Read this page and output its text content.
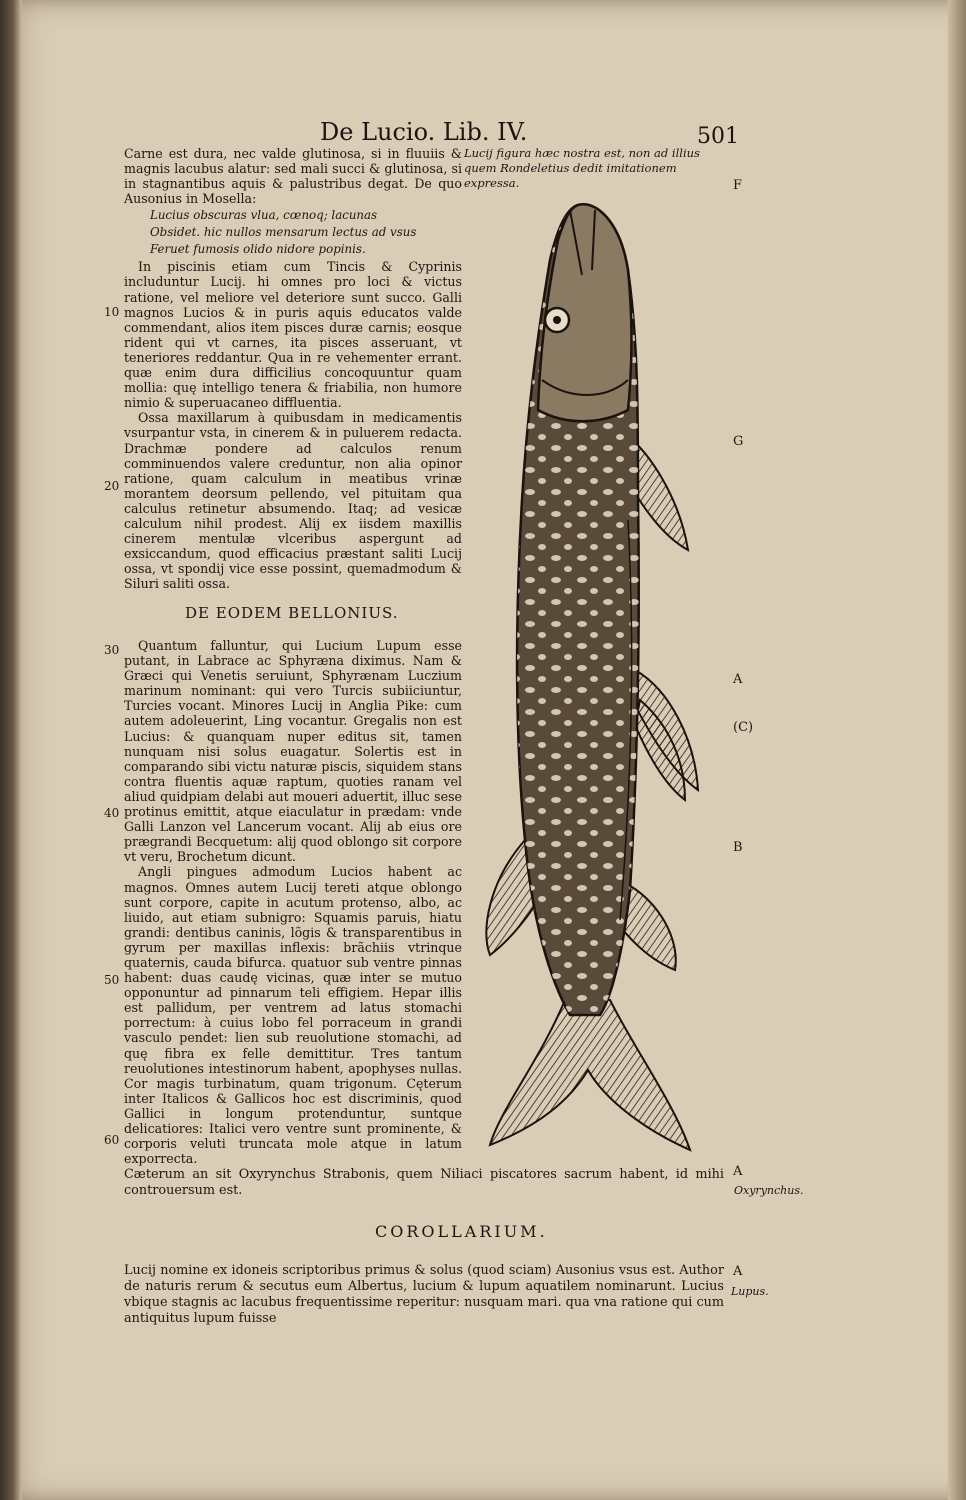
De Lucio. Lib. IV.	501
Lucij figura hæc nostra est, non ad illius quem Rondeletius dedit imitationem expressa.

Carne est dura, nec valde glutinosa, si in fluuiis & magnis lacubus alatur: sed mali succi & glutinosa, si in stagnantibus aquis & palustribus degat. De quo Ausonius in Mosella:

Lucius obscuras vlua, cœnoq; lacunas
Obsidet. hic nullos mensarum lectus ad vsus
Feruet fumosis olido nidore popinis.

In piscinis etiam cum Tincis & Cyprinis includuntur Lucij. hi omnes pro loci & victus ratione, vel meliore vel deteriore sunt succo. Galli magnos Lucios & in puris aquis educatos valde commendant, alios item pisces duræ carnis; eosque rident qui vt carnes, ita pisces asseruant, vt teneriores reddantur. Qua in re vehementer errant. quæ enim dura difficilius concoquuntur quam mollia: quę intelligo tenera & friabilia, non humore nimio & superuacaneo diffluentia.

Ossa maxillarum à quibusdam in medicamentis vsurpantur vsta, in cinerem & in puluerem redacta. Drachmæ pondere ad calculos renum comminuendos valere creduntur, non alia opinor ratione, quam calculum in meatibus vrinæ morantem deorsum pellendo, vel pituitam qua calculus retinetur absumendo. Itaq; ad vesicæ calculum nihil prodest. Alij ex iisdem maxillis cinerem mentulæ vlceribus aspergunt ad exsiccandum, quod efficacius præstant saliti Lucij ossa, vt spondij vice esse possint, quemadmodum & Siluri saliti ossa.

DE EODEM BELLONIUS.

Quantum falluntur, qui Lucium Lupum esse putant, in Labrace ac Sphyræna diximus. Nam & Græci qui Venetis seruiunt, Sphyrænam Luczium marinum nominant: qui vero Turcis subiiciuntur, Turcies vocant. Minores Lucij in Anglia Pike: cum autem adoleuerint, Ling vocantur. Gregalis non est Lucius: & quanquam nuper editus sit, tamen nunquam nisi solus euagatur. Solertis est in comparando sibi victu naturæ piscis, siquidem stans contra fluentis aquæ raptum, quoties ranam vel aliud quidpiam delabi aut moueri aduertit, illuc sese protinus emittit, atque eiaculatur in prædam: vnde Galli Lanzon vel Lancerum vocant. Alij ab eius ore prægrandi Becquetum: alij quod oblongo sit corpore vt veru, Brochetum dicunt.

Angli pingues admodum Lucios habent ac magnos. Omnes autem Lucij tereti atque oblongo sunt corpore, capite in acutum protenso, albo, ac liuido, aut etiam subnigro: Squamis paruis, hiatu grandi: dentibus caninis, lõgis & transparentibus in gyrum per maxillas inflexis: brãchiis vtrinque quaternis, cauda bifurca. quatuor sub ventre pinnas habent: duas caudę vicinas, quæ inter se mutuo opponuntur ad pinnarum teli effigiem. Hepar illis est pallidum, per ventrem ad latus stomachi porrectum: à cuius lobo fel porraceum in grandi vasculo pendet: lien sub reuolutione stomachi, ad quę fibra ex felle demittitur. Tres tantum reuolutiones intestinorum habent, apophyses nullas. Cor magis turbinatum, quam trigonum. Cęterum inter Italicos & Gallicos hoc est discriminis, quod Gallici in longum protenduntur, suntque delicatiores: Italici vero ventre sunt prominente, & corporis veluti truncata mole atque in latum exporrecta.

10
20
30
40
50
60
F
G
A
(C)
B
A
A

Cæterum an sit Oxyrynchus Strabonis, quem Niliaci piscatores sacrum habent, id mihi controuersum est.	Oxyrynchus.
COROLLARIUM.

Lucij nomine ex idoneis scriptoribus primus & solus (quod sciam) Ausonius vsus est. Author de naturis rerum & secutus eum Albertus, lucium & lupum aquatilem nominarunt. Lucius vbique stagnis ac lacubus frequentissime reperitur: nusquam mari. qua vna ratione qui cum antiquitus lupum fuisse

Lupus.
